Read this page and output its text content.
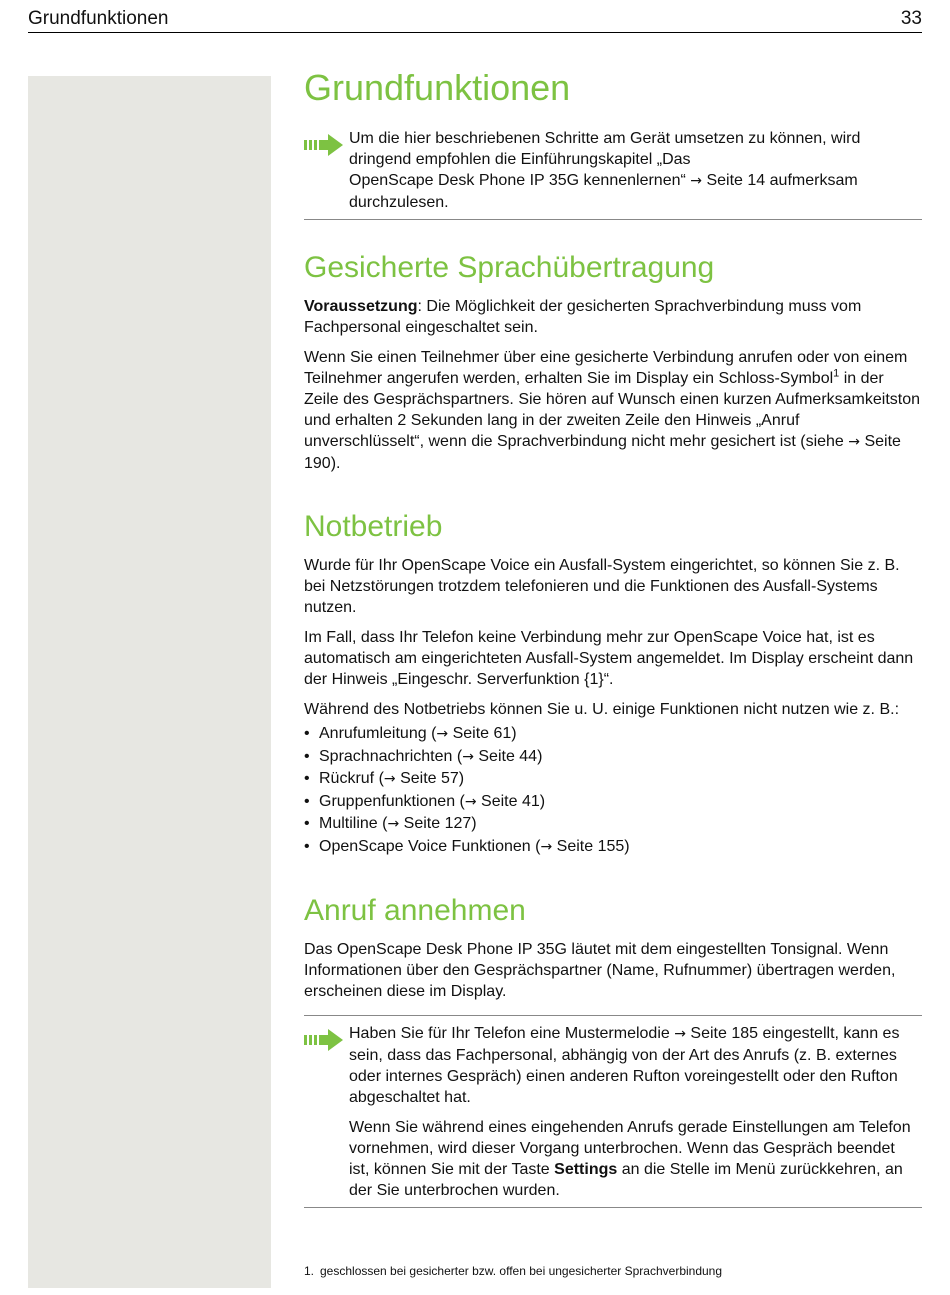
Grundfunktionen	33
Grundfunktionen

Um die hier beschriebenen Schritte am Gerät umsetzen zu können, wird
dringend empfohlen die Einführungskapitel „Das
OpenScape Desk Phone IP 35G kennenlernen“ → Seite 14 aufmerksam
durchzulesen.

Gesicherte Sprachübertragung

Voraussetzung: Die Möglichkeit der gesicherten Sprachverbindung muss vom Fachpersonal eingeschaltet sein.

Wenn Sie einen Teilnehmer über eine gesicherte Verbindung anrufen oder von einem Teilnehmer angerufen werden, erhalten Sie im Display ein Schloss-Symbol$^1$ in der Zeile des Gesprächspartners. Sie hören auf Wunsch einen kurzen Aufmerksamkeitston und erhalten 2 Sekunden lang in der zweiten Zeile den Hinweis „Anruf unverschlüsselt“, wenn die Sprachverbindung nicht mehr gesichert ist (siehe → Seite 190).

Notbetrieb

Wurde für Ihr OpenScape Voice ein Ausfall-System eingerichtet, so können Sie z. B. bei Netzstörungen trotzdem telefonieren und die Funktionen des Ausfall-Systems nutzen.

Im Fall, dass Ihr Telefon keine Verbindung mehr zur OpenScape Voice hat, ist es automatisch am eingerichteten Ausfall-System angemeldet. Im Display erscheint dann der Hinweis „Eingeschr. Serverfunktion {1}“.

Während des Notbetriebs können Sie u. U. einige Funktionen nicht nutzen wie z. B.:

• Anrufumleitung (→ Seite 61)
• Sprachnachrichten (→ Seite 44)
• Rückruf (→ Seite 57)
• Gruppenfunktionen (→ Seite 41)
• Multiline (→ Seite 127)
• OpenScape Voice Funktionen (→ Seite 155)
Anruf annehmen

Das OpenScape Desk Phone IP 35G läutet mit dem eingestellten Tonsignal. Wenn Informationen über den Gesprächspartner (Name, Rufnummer) übertragen werden, erscheinen diese im Display.

Haben Sie für Ihr Telefon eine Mustermelodie → Seite 185 eingestellt, kann es sein, dass das Fachpersonal, abhängig von der Art des Anrufs (z. B. externes oder internes Gespräch) einen anderen Rufton voreingestellt oder den Rufton abgeschaltet hat.

Wenn Sie während eines eingehenden Anrufs gerade Einstellungen am Telefon vornehmen, wird dieser Vorgang unterbrochen. Wenn das Gespräch beendet ist, können Sie mit der Taste Settings an die Stelle im Menü zurückkehren, an der Sie unterbrochen wurden.

1. geschlossen bei gesicherter bzw. offen bei ungesicherter Sprachverbindung
